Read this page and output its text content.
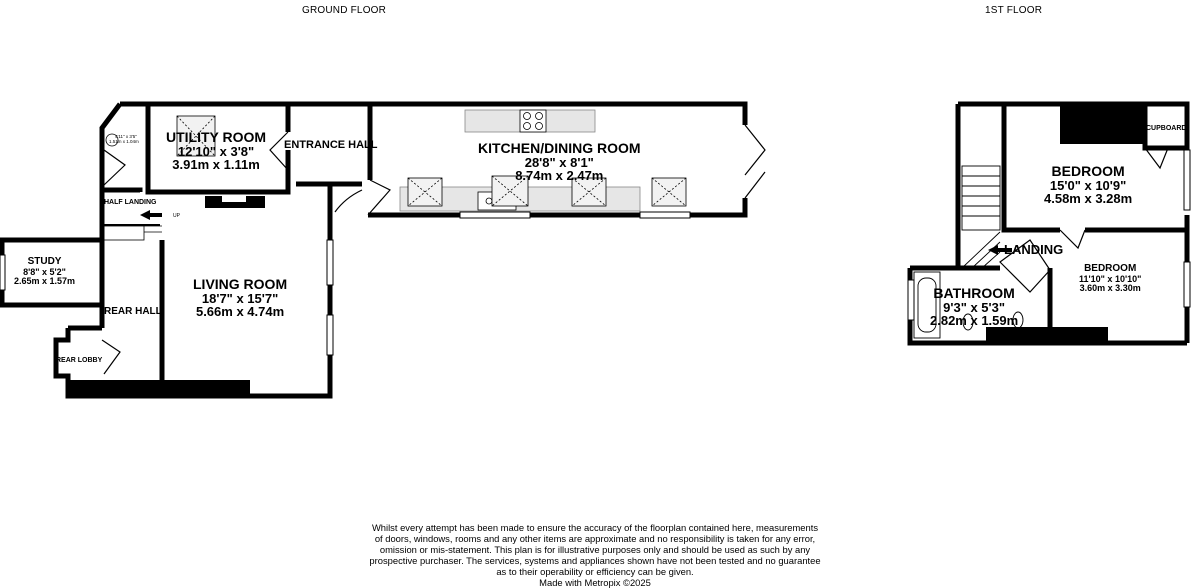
GROUND FLOOR	1ST FLOOR
UTILITY ROOM
12'10" x 3'8"
3.91m x 1.11m
ENTRANCE HALL	KITCHEN/DINING ROOM
28'8" x 8'1"
8.74m x 2.47m
HALF LANDING
UP
4'11" x 3'5"
1.51m x 1.04m
STUDY
8'8" x 5'2"
2.65m x 1.57m	LIVING ROOM
18'7" x 15'7"
5.66m x 4.74m
REAR HALL
REAR LOBBY
BEDROOM
15'0" x 10'9"
4.58m x 3.28m
CUPBOARD
LANDING
BEDROOM
11'10" x 10'10"
3.60m x 3.30m
BATHROOM
9'3" x 5'3"
2.82m x 1.59m
Whilst every attempt has been made to ensure the accuracy of the floorplan contained here, measurements
of doors, windows, rooms and any other items are approximate and no responsibility is taken for any error,
omission or mis-statement. This plan is for illustrative purposes only and should be used as such by any
prospective purchaser. The services, systems and appliances shown have not been tested and no guarantee
as to their operability or efficiency can be given.
Made with Metropix ©2025
